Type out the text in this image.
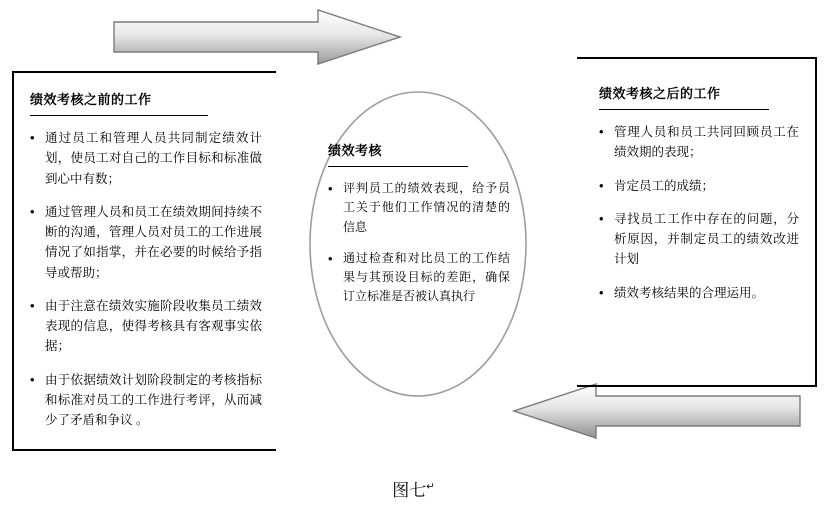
绩效考核之前的工作
• 通过员工和管理人员共同制定绩效计划，使员工对自己的工作目标和标准做到心中有数；
• 通过管理人员和员工在绩效期间持续不断的沟通，管理人员对员工的工作进展情况了如指掌，并在必要的时候给予指导或帮助；
• 由于注意在绩效实施阶段收集员工绩效表现的信息，使得考核具有客观事实依据；
• 由于依据绩效计划阶段制定的考核指标和标准对员工的工作进行考评，从而减少了矛盾和争议 。
绩效考核
• 评判员工的绩效表现，给予员工关于他们工作情况的清楚的信息
• 通过检查和对比员工的工作结果与其预设目标的差距，确保订立标准是否被认真执行
绩效考核之后的工作
• 管理人员和员工共同回顾员工在绩效期的表现；
• 肯定员工的成绩；
• 寻找员工工作中存在的问题，分析原因，并制定员工的绩效改进计划
• 绩效考核结果的合理运用。
图七↵
